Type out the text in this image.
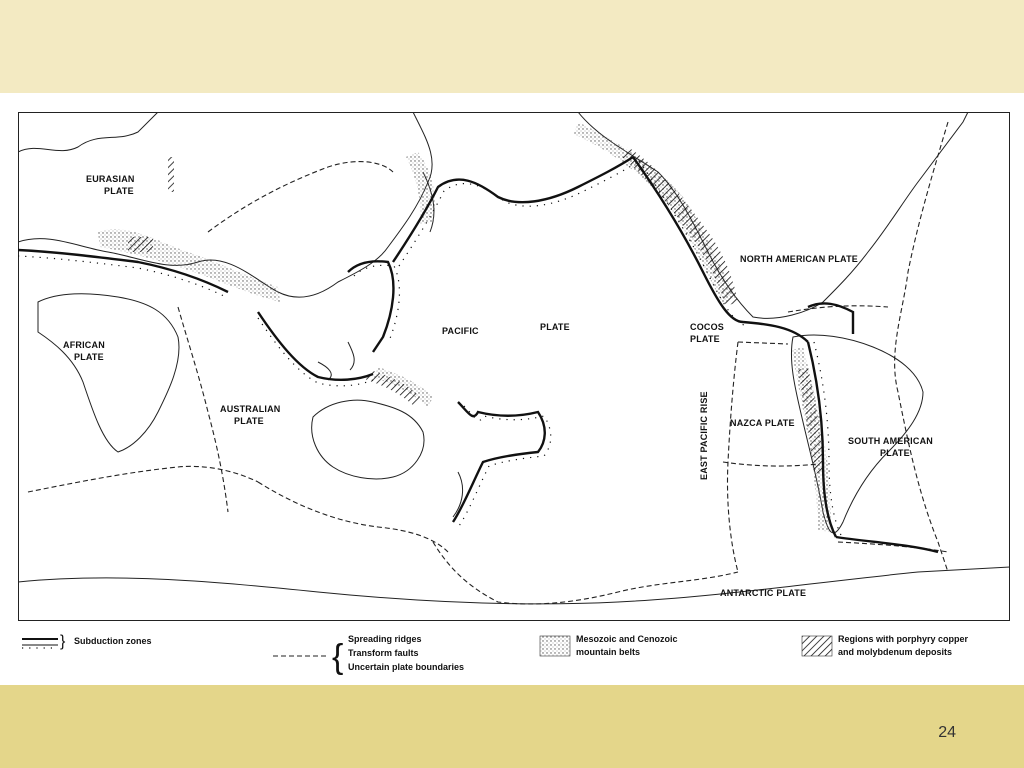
EURASIAN
PLATE
AFRICAN
PLATE
AUSTRALIAN
PLATE
PACIFIC	PLATE
NORTH AMERICAN PLATE
COCOS
PLATE
NAZCA PLATE
SOUTH AMERICAN
PLATE
ANTARCTIC PLATE
EAST PACIFIC RISE
} Subduction zones	{ Spreading ridges
Transform faults
Uncertain plate boundaries
Mesozoic and Cenozoic
mountain belts
Regions with porphyry copper
and molybdenum deposits
24
